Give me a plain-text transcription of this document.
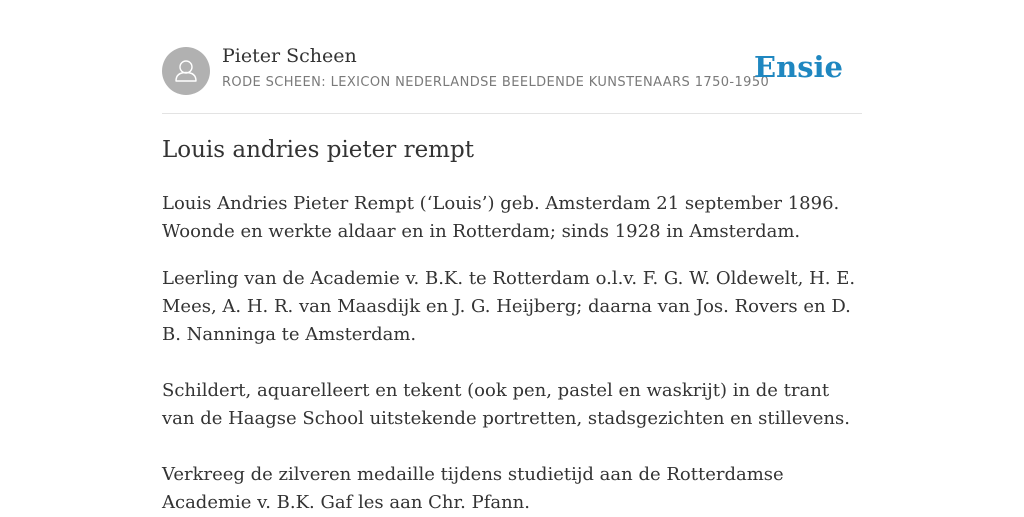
Pieter Scheen
RODE SCHEEN: LEXICON NEDERLANDSE BEELDENDE KUNSTENAARS 1750-1950
Ensie
Louis andries pieter rempt

Louis Andries Pieter Rempt (‘Louis’) geb. Amsterdam 21 september 1896. Woonde en werkte aldaar en in Rotterdam; sinds 1928 in Amsterdam.

Leerling van de Academie v. B.K. te Rotterdam o.l.v. F. G. W. Oldewelt, H. E. Mees, A. H. R. van Maasdijk en J. G. Heijberg; daarna van Jos. Rovers en D. B. Nanninga te Amsterdam.

Schildert, aquarelleert en tekent (ook pen, pastel en waskrijt) in de trant van de Haagse School uitstekende portretten, stadsgezichten en stillevens.

Verkreeg de zilveren medaille tijdens studietijd aan de Rotterdamse Academie v. B.K. Gaf les aan Chr. Pfann.
